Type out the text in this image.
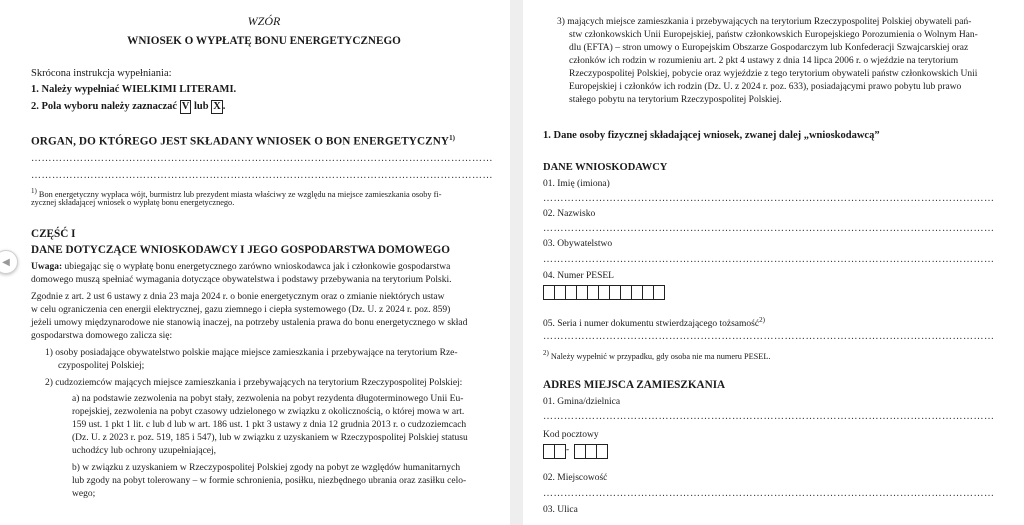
WZÓR
WNIOSEK O WYPŁATĘ BONU ENERGETYCZNEGO
Skrócona instrukcja wypełniania:
1. Należy wypełniać WIELKIMI LITERAMI.
2. Pola wyboru należy zaznaczać V lub X .
ORGAN, DO KTÓREGO JEST SKŁADANY WNIOSEK O BON ENERGETYCZNY$^{1)}$
……………………………………………………………………………………………………………………
……………………………………………………………………………………………………………………
$^{1)}$ Bon energetyczny wypłaca wójt, burmistrz lub prezydent miasta właściwy ze względu na miejsce zamieszkania osoby fi-
zycznej składającej wniosek o wypłatę bonu energetycznego.
CZĘŚĆ I
DANE DOTYCZĄCE WNIOSKODAWCY I JEGO GOSPODARSTWA DOMOWEGO
Uwaga: ubiegając się o wypłatę bonu energetycznego zarówno wnioskodawca jak i członkowie gospodarstwa
domowego muszą spełniać wymagania dotyczące obywatelstwa i podstawy przebywania na terytorium Polski.
Zgodnie z art. 2 ust 6 ustawy z dnia 23 maja 2024 r. o bonie energetycznym oraz o zmianie niektórych ustaw
w celu ograniczenia cen energii elektrycznej, gazu ziemnego i ciepła systemowego (Dz. U. z 2024 r. poz. 859)
jeżeli umowy międzynarodowe nie stanowią inaczej, na potrzeby ustalenia prawa do bonu energetycznego w skład
gospodarstwa domowego zalicza się:
1) osoby posiadające obywatelstwo polskie mające miejsce zamieszkania i przebywające na terytorium Rze-
czypospolitej Polskiej;
2) cudzoziemców mających miejsce zamieszkania i przebywających na terytorium Rzeczypospolitej Polskiej:
a) na podstawie zezwolenia na pobyt stały, zezwolenia na pobyt rezydenta długoterminowego Unii Eu-
ropejskiej, zezwolenia na pobyt czasowy udzielonego w związku z okolicznością, o której mowa w art.
159 ust. 1 pkt 1 lit. c lub d lub w art. 186 ust. 1 pkt 3 ustawy z dnia 12 grudnia 2013 r. o cudzoziemcach
(Dz. U. z 2023 r. poz. 519, 185 i 547), lub w związku z uzyskaniem w Rzeczypospolitej Polskiej statusu
uchodźcy lub ochrony uzupełniającej,
b) w związku z uzyskaniem w Rzeczypospolitej Polskiej zgody na pobyt ze względów humanitarnych
lub zgody na pobyt tolerowany – w formie schronienia, posiłku, niezbędnego ubrania oraz zasiłku celo-
wego;
◀
3) mających miejsce zamieszkania i przebywających na terytorium Rzeczypospolitej Polskiej obywateli pań-
stw członkowskich Unii Europejskiej, państw członkowskich Europejskiego Porozumienia o Wolnym Han-
dlu (EFTA) – stron umowy o Europejskim Obszarze Gospodarczym lub Konfederacji Szwajcarskiej oraz
członków ich rodzin w rozumieniu art. 2 pkt 4 ustawy z dnia 14 lipca 2006 r. o wjeździe na terytorium
Rzeczypospolitej Polskiej, pobycie oraz wyjeździe z tego terytorium obywateli państw członkowskich Unii
Europejskiej i członków ich rodzin (Dz. U. z 2024 r. poz. 633), posiadającymi prawo pobytu lub prawo
stałego pobytu na terytorium Rzeczypospolitej Polskiej.
1. Dane osoby fizycznej składającej wniosek, zwanej dalej „wnioskodawcą”
DANE WNIOSKODAWCY
01. Imię (imiona)
…………………………………………………………………………………………………………………
02. Nazwisko
…………………………………………………………………………………………………………………
03. Obywatelstwo
…………………………………………………………………………………………………………………
04. Numer PESEL
05. Seria i numer dokumentu stwierdzającego tożsamość$^{2)}$
…………………………………………………………………………………………………………………
$^{2)}$ Należy wypełnić w przypadku, gdy osoba nie ma numeru PESEL.
ADRES MIEJSCA ZAMIESZKANIA
01. Gmina/dzielnica
…………………………………………………………………………………………………………………
Kod pocztowy
-
02. Miejscowość
…………………………………………………………………………………………………………………
03. Ulica
